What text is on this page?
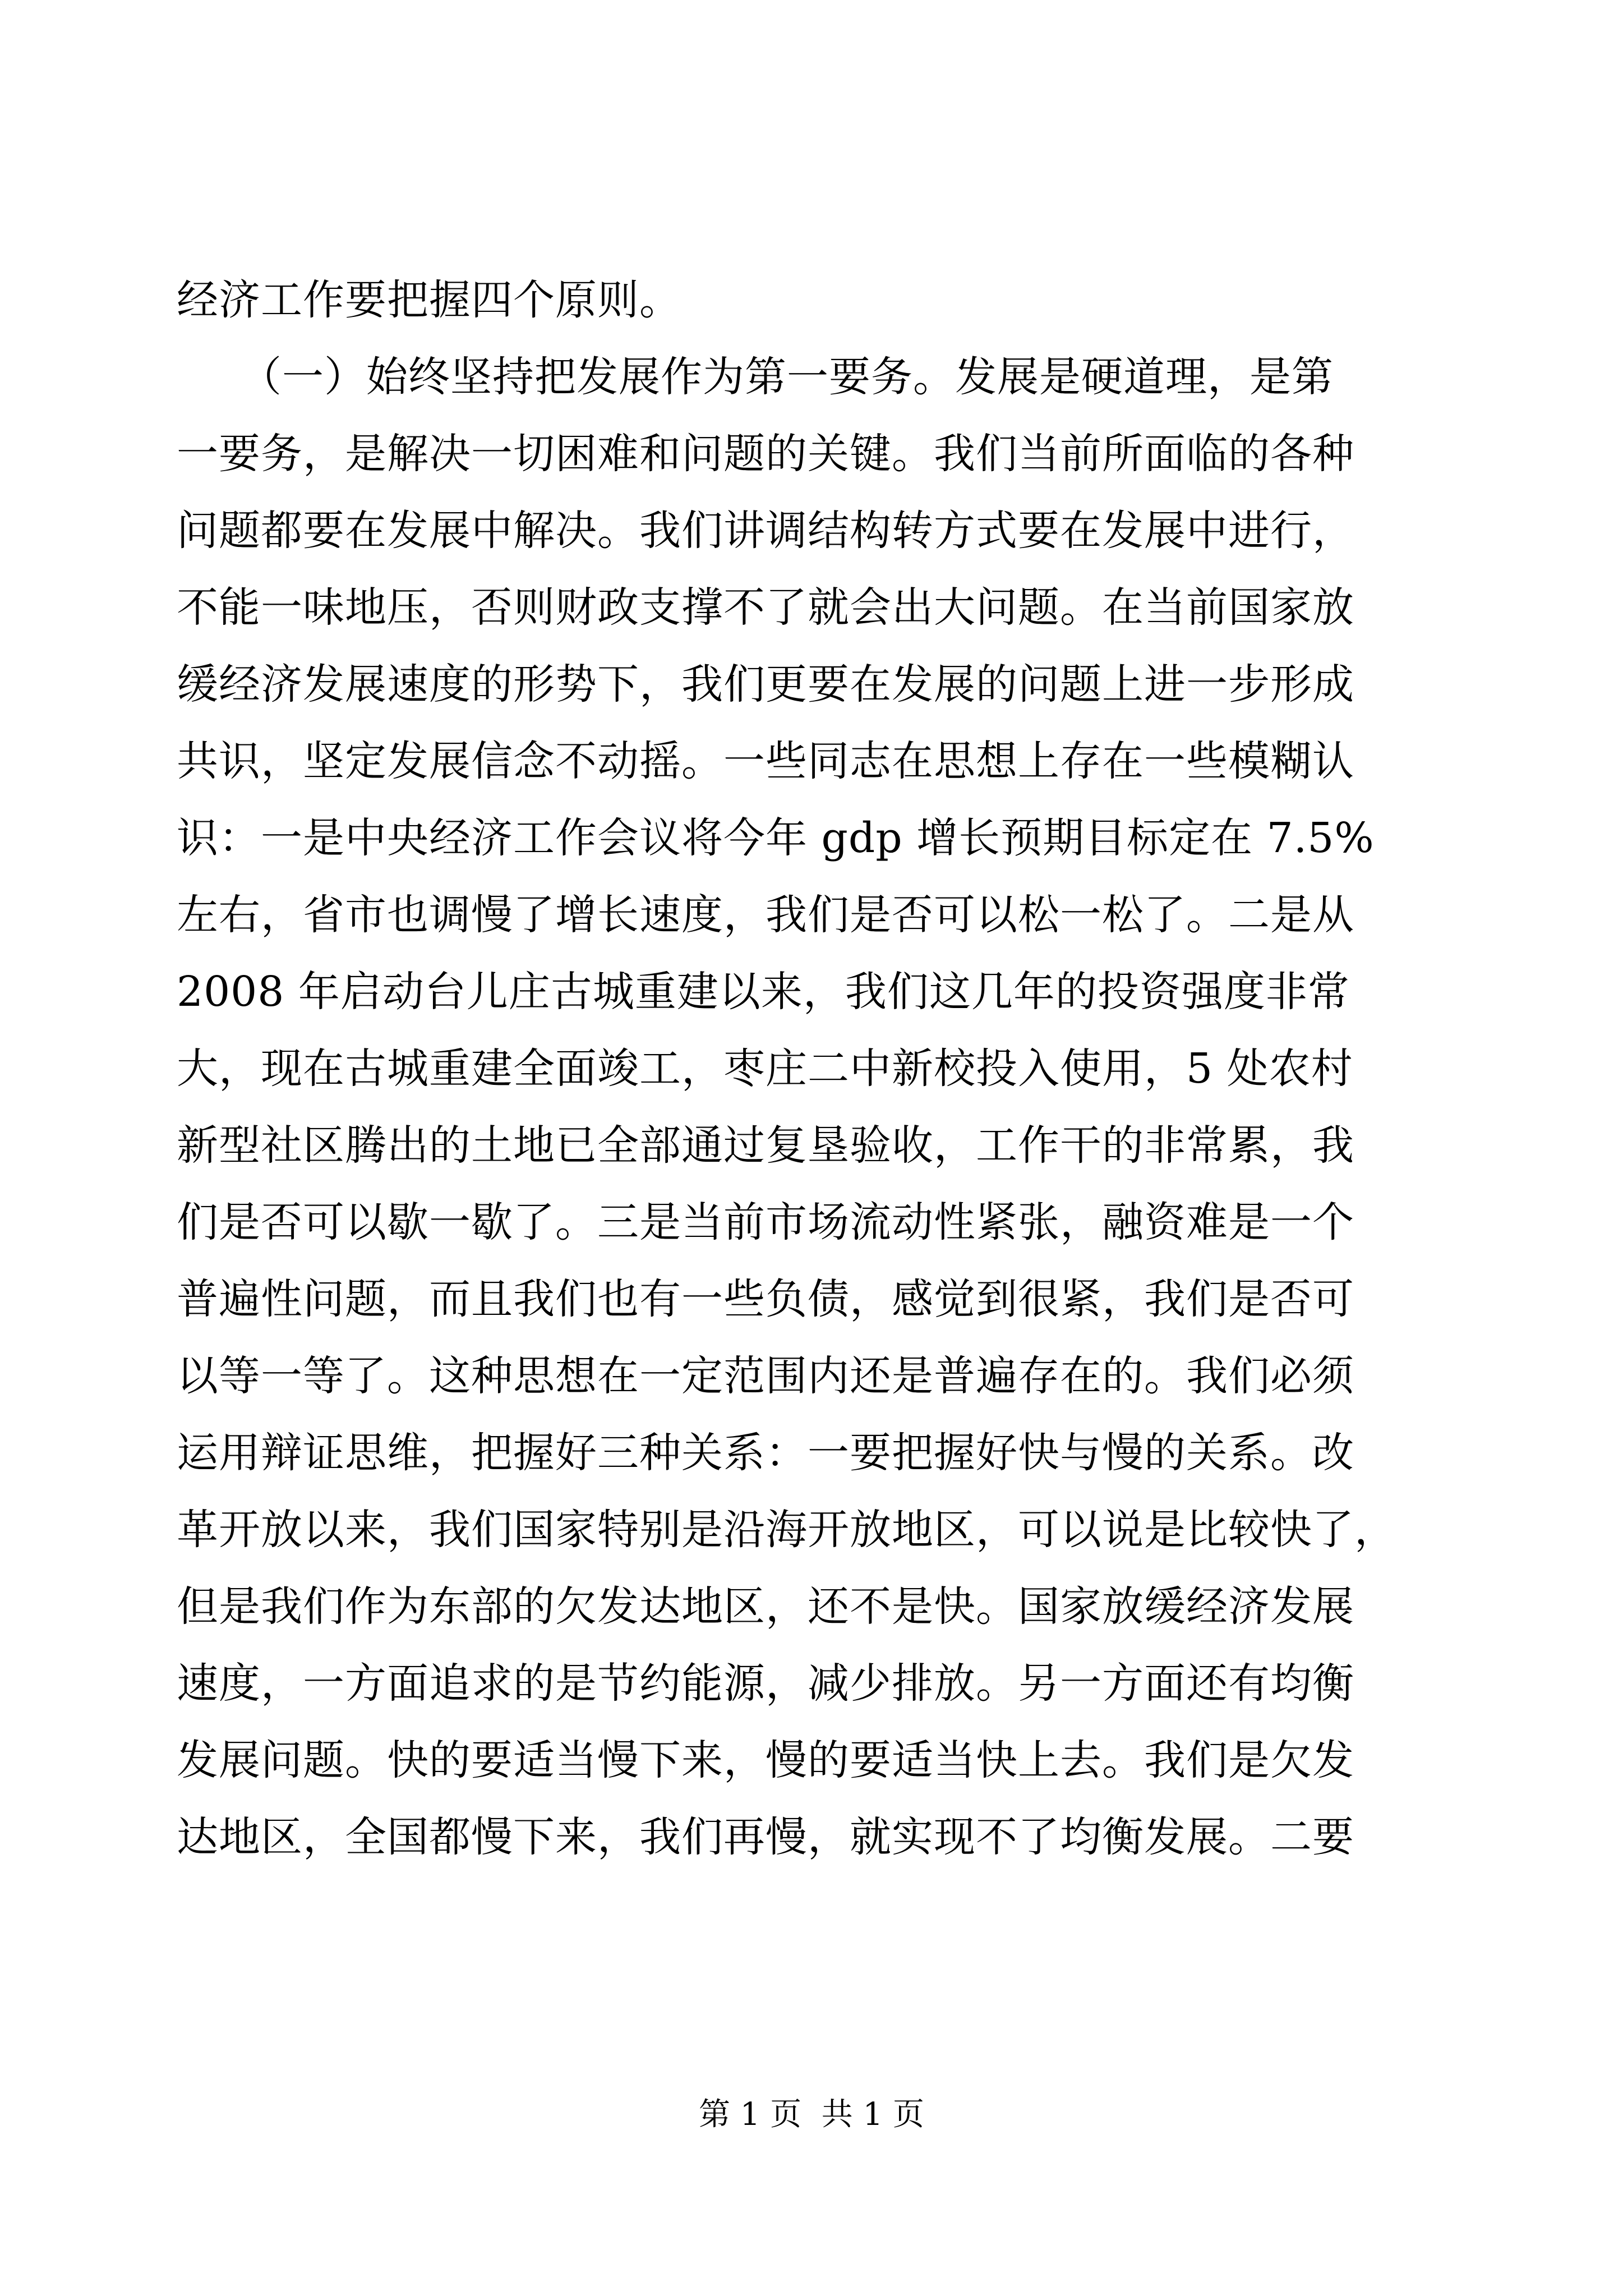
经济工作要把握四个原则。
　　（一）始终坚持把发展作为第一要务。发展是硬道理，是第
一要务，是解决一切困难和问题的关键。我们当前所面临的各种
问题都要在发展中解决。我们讲调结构转方式要在发展中进行，
不能一味地压，否则财政支撑不了就会出大问题。在当前国家放
缓经济发展速度的形势下，我们更要在发展的问题上进一步形成
共识，坚定发展信念不动摇。一些同志在思想上存在一些模糊认
识：一是中央经济工作会议将今年 gdp 增长预期目标定在 7.5%
左右，省市也调慢了增长速度，我们是否可以松一松了。二是从
2008 年启动台儿庄古城重建以来，我们这几年的投资强度非常
大，现在古城重建全面竣工，枣庄二中新校投入使用，5 处农村
新型社区腾出的土地已全部通过复垦验收，工作干的非常累，我
们是否可以歇一歇了。三是当前市场流动性紧张，融资难是一个
普遍性问题，而且我们也有一些负债，感觉到很紧，我们是否可
以等一等了。这种思想在一定范围内还是普遍存在的。我们必须
运用辩证思维，把握好三种关系：一要把握好快与慢的关系。改
革开放以来，我们国家特别是沿海开放地区，可以说是比较快了，
但是我们作为东部的欠发达地区，还不是快。国家放缓经济发展
速度，一方面追求的是节约能源，减少排放。另一方面还有均衡
发展问题。快的要适当慢下来，慢的要适当快上去。我们是欠发
达地区，全国都慢下来，我们再慢，就实现不了均衡发展。二要
第 1 页  共 1 页
